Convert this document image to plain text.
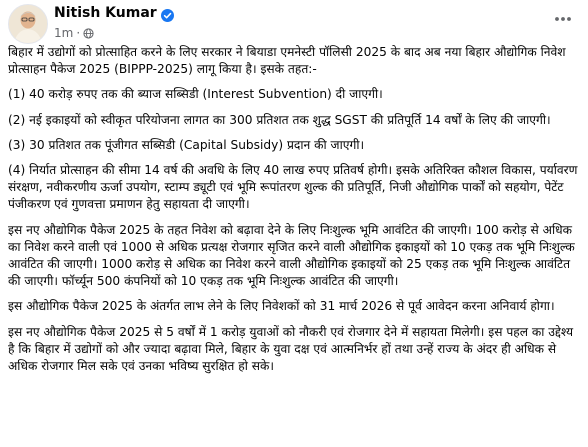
Nitish Kumar
1m ·

बिहार में उद्योगों को प्रोत्साहित करने के लिए सरकार ने बियाडा एमनेस्टी पॉलिसी 2025 के बाद अब नया बिहार औद्योगिक निवेश प्रोत्साहन पैकेज 2025 (BIPPP-2025) लागू किया है। इसके तहत:-

(1) 40 करोड़ रुपए तक की ब्याज सब्सिडी (Interest Subvention) दी जाएगी।

(2) नई इकाइयों को स्वीकृत परियोजना लागत का 300 प्रतिशत तक शुद्ध SGST की प्रतिपूर्ति 14 वर्षों के लिए की जाएगी।

(3) 30 प्रतिशत तक पूंजीगत सब्सिडी (Capital Subsidy) प्रदान की जाएगी।

(4) निर्यात प्रोत्साहन की सीमा 14 वर्ष की अवधि के लिए 40 लाख रुपए प्रतिवर्ष होगी। इसके अतिरिक्त कौशल विकास, पर्यावरण संरक्षण, नवीकरणीय ऊर्जा उपयोग, स्टाम्प ड्यूटी एवं भूमि रूपांतरण शुल्क की प्रतिपूर्ति, निजी औद्योगिक पार्कों को सहयोग, पेटेंट पंजीकरण एवं गुणवत्ता प्रमाणन हेतु सहायता दी जाएगी।

इस नए औद्योगिक पैकेज 2025 के तहत निवेश को बढ़ावा देने के लिए निःशुल्क भूमि आवंटित की जाएगी। 100 करोड़ से अधिक का निवेश करने वाली एवं 1000 से अधिक प्रत्यक्ष रोजगार सृजित करने वाली औद्योगिक इकाइयों को 10 एकड़ तक भूमि निःशुल्क आवंटित की जाएगी। 1000 करोड़ से अधिक का निवेश करने वाली औद्योगिक इकाइयों को 25 एकड़ तक भूमि निःशुल्क आवंटित की जाएगी। फॉर्च्यून 500 कंपनियों को 10 एकड़ तक भूमि निःशुल्क आवंटित की जाएगी।

इस औद्योगिक पैकेज 2025 के अंतर्गत लाभ लेने के लिए निवेशकों को 31 मार्च 2026 से पूर्व आवेदन करना अनिवार्य होगा।

इस नए औद्योगिक पैकेज 2025 से 5 वर्षों में 1 करोड़ युवाओं को नौकरी एवं रोजगार देने में सहायता मिलेगी। इस पहल का उद्देश्य है कि बिहार में उद्योगों को और ज्यादा बढ़ावा मिले, बिहार के युवा दक्ष एवं आत्मनिर्भर हों तथा उन्हें राज्य के अंदर ही अधिक से अधिक रोजगार मिल सके एवं उनका भविष्य सुरक्षित हो सके।
